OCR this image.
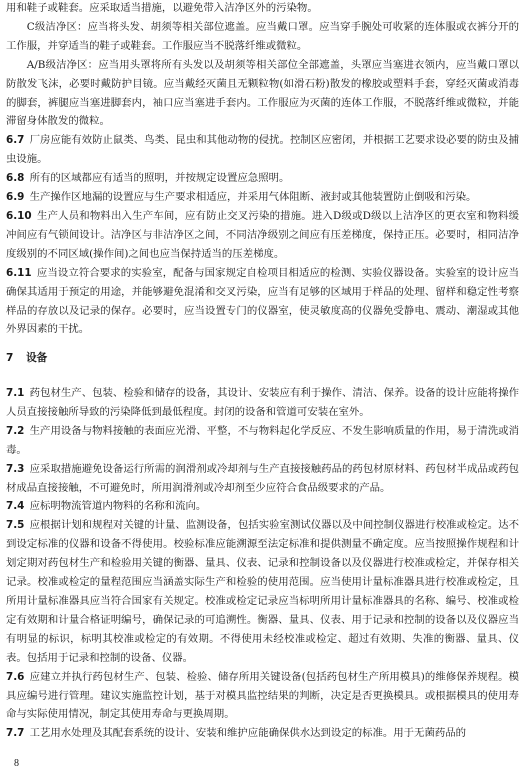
用和鞋子或鞋套。应采取适当措施，以避免带入洁净区外的污染物。

C级洁净区：应当将头发、胡须等相关部位遮盖。应当戴口罩。应当穿手腕处可收紧的连体服或衣裤分开的工作服，并穿适当的鞋子或鞋套。工作服应当不脱落纤维或微粒。

A/B级洁净区：应当用头罩将所有头发以及胡须等相关部位全部遮盖，头罩应当塞进衣领内，应当戴口罩以防散发飞沫，必要时戴防护目镜。应当戴经灭菌且无颗粒物(如滑石粉)散发的橡胶或塑料手套，穿经灭菌或消毒的脚套，裤腿应当塞进脚套内，袖口应当塞进手套内。工作服应为灭菌的连体工作服，不脱落纤维或微粒，并能滞留身体散发的微粒。

6.7 厂房应能有效防止鼠类、鸟类、昆虫和其他动物的侵扰。控制区应密闭，并根据工艺要求设必要的防虫及捕虫设施。

6.8 所有的区域都应有适当的照明，并按规定设置应急照明。

6.9 生产操作区地漏的设置应与生产要求相适应，并采用气体阻断、液封或其他装置防止倒吸和污染。

6.10 生产人员和物料出入生产车间，应有防止交叉污染的措施。进入D级或D级以上洁净区的更衣室和物料缓冲间应有气锁间设计。洁净区与非洁净区之间，不同洁净级别之间应有压差梯度，保持正压。必要时，相同洁净度级别的不同区域(操作间)之间也应当保持适当的压差梯度。

6.11 应当设立符合要求的实验室，配备与国家规定自检项目相适应的检测、实验仪器设备。实验室的设计应当确保其适用于预定的用途，并能够避免混淆和交叉污染，应当有足够的区域用于样品的处理、留样和稳定性考察样品的存放以及记录的保存。必要时，应当设置专门的仪器室，使灵敏度高的仪器免受静电、震动、潮湿或其他外界因素的干扰。

7 设备

7.1 药包材生产、包装、检验和储存的设备，其设计、安装应有利于操作、清洁、保养。设备的设计应能将操作人员直接接触所导致的污染降低到最低程度。封闭的设备和管道可安装在室外。

7.2 生产用设备与物料接触的表面应光滑、平整，不与物料起化学反应、不发生影响质量的作用，易于清洗或消毒。

7.3 应采取措施避免设备运行所需的润滑剂或冷却剂与生产直接接触药品的药包材原材料、药包材半成品或药包材成品直接接触，不可避免时，所用润滑剂或冷却剂至少应符合食品级要求的产品。

7.4 应标明物流管道内物料的名称和流向。

7.5 应根据计划和规程对关键的计量、监测设备，包括实验室测试仪器以及中间控制仪器进行校准或检定。达不到设定标准的仪器和设备不得使用。校验标准应能溯源至法定标准和提供测量不确定度。应当按照操作规程和计划定期对药包材生产和检验用关键的衡器、量具、仪表、记录和控制设备以及仪器进行校准或检定，并保存相关记录。校准或检定的量程范围应当涵盖实际生产和检验的使用范围。应当使用计量标准器具进行校准或检定，且所用计量标准器具应当符合国家有关规定。校准或检定记录应当标明所用计量标准器具的名称、编号、校准或检定有效期和计量合格证明编号，确保记录的可追溯性。衡器、量具、仪表、用于记录和控制的设备以及仪器应当有明显的标识，标明其校准或检定的有效期。不得使用未经校准或检定、超过有效期、失准的衡器、量具、仪表。包括用于记录和控制的设备、仪器。

7.6 应建立并执行药包材生产、包装、检验、储存所用关键设备(包括药包材生产所用模具)的维修保养规程。模具应编号进行管理。建议实施监控计划，基于对模具监控结果的判断，决定是否更换模具。或根据模具的使用寿命与实际使用情况，制定其使用寿命与更换周期。

7.7 工艺用水处理及其配套系统的设计、安装和维护应能确保供水达到设定的标准。用于无菌药品的

8
